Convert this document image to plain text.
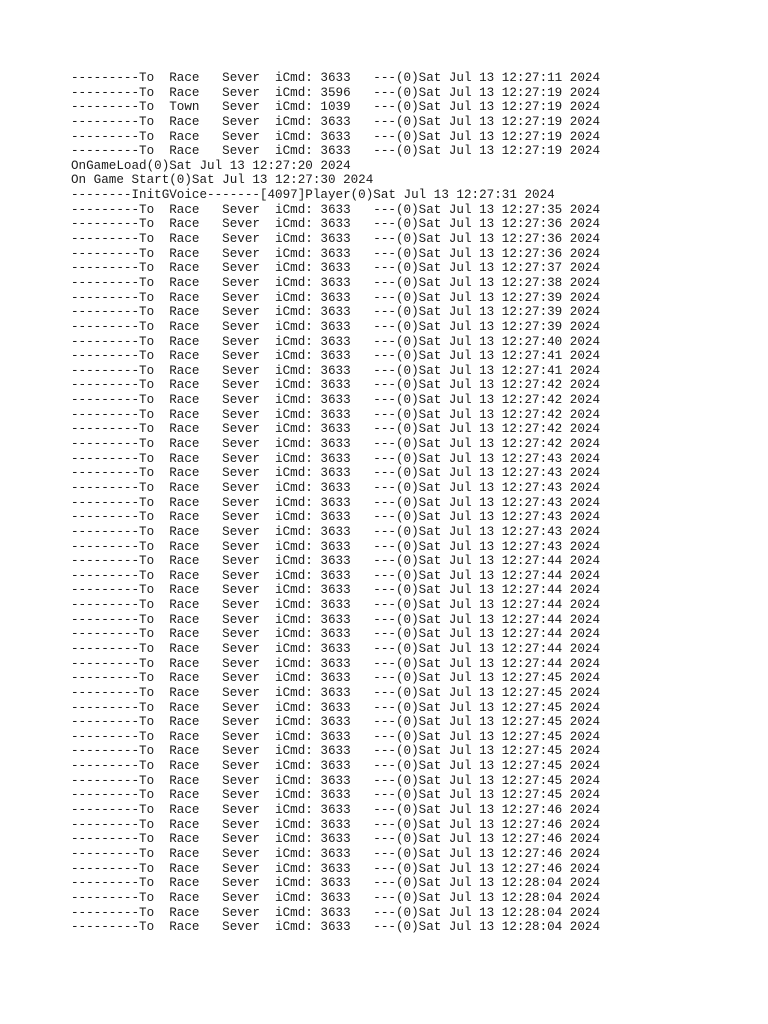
---------To  Race   Sever  iCmd: 3633   ---(0)Sat Jul 13 12:27:11 2024
---------To  Race   Sever  iCmd: 3596   ---(0)Sat Jul 13 12:27:19 2024
---------To  Town   Sever  iCmd: 1039   ---(0)Sat Jul 13 12:27:19 2024
---------To  Race   Sever  iCmd: 3633   ---(0)Sat Jul 13 12:27:19 2024
---------To  Race   Sever  iCmd: 3633   ---(0)Sat Jul 13 12:27:19 2024
---------To  Race   Sever  iCmd: 3633   ---(0)Sat Jul 13 12:27:19 2024
OnGameLoad(0)Sat Jul 13 12:27:20 2024
On Game Start(0)Sat Jul 13 12:27:30 2024
--------InitGVoice-------[4097]Player(0)Sat Jul 13 12:27:31 2024
---------To  Race   Sever  iCmd: 3633   ---(0)Sat Jul 13 12:27:35 2024
---------To  Race   Sever  iCmd: 3633   ---(0)Sat Jul 13 12:27:36 2024
---------To  Race   Sever  iCmd: 3633   ---(0)Sat Jul 13 12:27:36 2024
---------To  Race   Sever  iCmd: 3633   ---(0)Sat Jul 13 12:27:36 2024
---------To  Race   Sever  iCmd: 3633   ---(0)Sat Jul 13 12:27:37 2024
---------To  Race   Sever  iCmd: 3633   ---(0)Sat Jul 13 12:27:38 2024
---------To  Race   Sever  iCmd: 3633   ---(0)Sat Jul 13 12:27:39 2024
---------To  Race   Sever  iCmd: 3633   ---(0)Sat Jul 13 12:27:39 2024
---------To  Race   Sever  iCmd: 3633   ---(0)Sat Jul 13 12:27:39 2024
---------To  Race   Sever  iCmd: 3633   ---(0)Sat Jul 13 12:27:40 2024
---------To  Race   Sever  iCmd: 3633   ---(0)Sat Jul 13 12:27:41 2024
---------To  Race   Sever  iCmd: 3633   ---(0)Sat Jul 13 12:27:41 2024
---------To  Race   Sever  iCmd: 3633   ---(0)Sat Jul 13 12:27:42 2024
---------To  Race   Sever  iCmd: 3633   ---(0)Sat Jul 13 12:27:42 2024
---------To  Race   Sever  iCmd: 3633   ---(0)Sat Jul 13 12:27:42 2024
---------To  Race   Sever  iCmd: 3633   ---(0)Sat Jul 13 12:27:42 2024
---------To  Race   Sever  iCmd: 3633   ---(0)Sat Jul 13 12:27:42 2024
---------To  Race   Sever  iCmd: 3633   ---(0)Sat Jul 13 12:27:43 2024
---------To  Race   Sever  iCmd: 3633   ---(0)Sat Jul 13 12:27:43 2024
---------To  Race   Sever  iCmd: 3633   ---(0)Sat Jul 13 12:27:43 2024
---------To  Race   Sever  iCmd: 3633   ---(0)Sat Jul 13 12:27:43 2024
---------To  Race   Sever  iCmd: 3633   ---(0)Sat Jul 13 12:27:43 2024
---------To  Race   Sever  iCmd: 3633   ---(0)Sat Jul 13 12:27:43 2024
---------To  Race   Sever  iCmd: 3633   ---(0)Sat Jul 13 12:27:43 2024
---------To  Race   Sever  iCmd: 3633   ---(0)Sat Jul 13 12:27:44 2024
---------To  Race   Sever  iCmd: 3633   ---(0)Sat Jul 13 12:27:44 2024
---------To  Race   Sever  iCmd: 3633   ---(0)Sat Jul 13 12:27:44 2024
---------To  Race   Sever  iCmd: 3633   ---(0)Sat Jul 13 12:27:44 2024
---------To  Race   Sever  iCmd: 3633   ---(0)Sat Jul 13 12:27:44 2024
---------To  Race   Sever  iCmd: 3633   ---(0)Sat Jul 13 12:27:44 2024
---------To  Race   Sever  iCmd: 3633   ---(0)Sat Jul 13 12:27:44 2024
---------To  Race   Sever  iCmd: 3633   ---(0)Sat Jul 13 12:27:44 2024
---------To  Race   Sever  iCmd: 3633   ---(0)Sat Jul 13 12:27:45 2024
---------To  Race   Sever  iCmd: 3633   ---(0)Sat Jul 13 12:27:45 2024
---------To  Race   Sever  iCmd: 3633   ---(0)Sat Jul 13 12:27:45 2024
---------To  Race   Sever  iCmd: 3633   ---(0)Sat Jul 13 12:27:45 2024
---------To  Race   Sever  iCmd: 3633   ---(0)Sat Jul 13 12:27:45 2024
---------To  Race   Sever  iCmd: 3633   ---(0)Sat Jul 13 12:27:45 2024
---------To  Race   Sever  iCmd: 3633   ---(0)Sat Jul 13 12:27:45 2024
---------To  Race   Sever  iCmd: 3633   ---(0)Sat Jul 13 12:27:45 2024
---------To  Race   Sever  iCmd: 3633   ---(0)Sat Jul 13 12:27:45 2024
---------To  Race   Sever  iCmd: 3633   ---(0)Sat Jul 13 12:27:46 2024
---------To  Race   Sever  iCmd: 3633   ---(0)Sat Jul 13 12:27:46 2024
---------To  Race   Sever  iCmd: 3633   ---(0)Sat Jul 13 12:27:46 2024
---------To  Race   Sever  iCmd: 3633   ---(0)Sat Jul 13 12:27:46 2024
---------To  Race   Sever  iCmd: 3633   ---(0)Sat Jul 13 12:27:46 2024
---------To  Race   Sever  iCmd: 3633   ---(0)Sat Jul 13 12:28:04 2024
---------To  Race   Sever  iCmd: 3633   ---(0)Sat Jul 13 12:28:04 2024
---------To  Race   Sever  iCmd: 3633   ---(0)Sat Jul 13 12:28:04 2024
---------To  Race   Sever  iCmd: 3633   ---(0)Sat Jul 13 12:28:04 2024
